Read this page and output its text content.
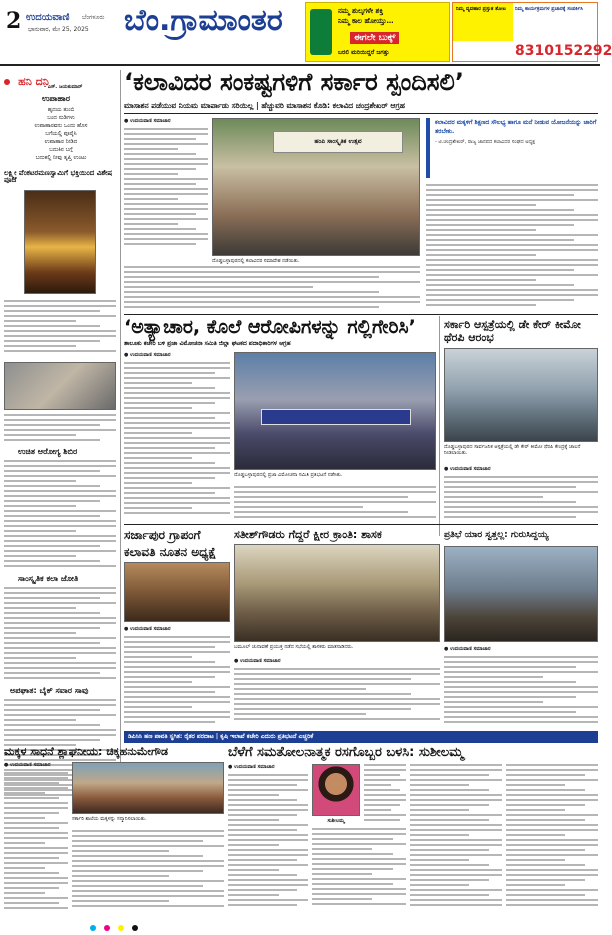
2 ಉದಯವಾಣಿ ಬೆಂಗಳೂರು
ಭಾನುವಾರ, ಮೇ 25, 2025 ಬೆಂ.ಗ್ರಾಮಾಂತರ	ನಮ್ಮ ಶುಲ್ಕಗಳೇ ಶಕ್ತಿ
ನಿಮ್ಮ ಕಾಲ ಹೋಯ್ತು…
ಈಗಲೇ ಬುಕ್ಕ್
ಬರಲಿ ಮರಿಯಿದ್ದರೆ ಜಗತ್ತು
ನಿಮ್ಮ ವ್ಯವಹಾರ ಪ್ರಸ್ತುತ ತೋಟ	ನಿಮ್ಮ ಕಾರ್ಯಕ್ರಮಗಳ ಪ್ರಚಾರಕ್ಕೆ ಸಂಪರ್ಕಿಸಿ
8310152292
ಹನಿ ದನಿ
- ಎಸ್. ಜಯಕುಮಾರ್
ಉಪಾಹಾರ
ಹೃದಯ ತುಂಬಿ
ಬಂದ ನುಡಿಗಳು
ಉಪಾಹಾರವನು ಒಂದು ಹೊಸ
ಬಗೆಯಲ್ಲಿ ಪೂರೈಸಿ
ಉಪಾಹಾರ ನೀಡಿದ
ಬದುಕಿನ ಬಗ್ಗೆ
ಬದುಕಲ್ಲಿ ನೀವು ತೃಪ್ತಿ ಉಂಟು
ಲಕ್ಷ್ಮೀ ವೆಂಕಟರಮಣಸ್ವಾಮಿಗೆ ಭಕ್ತಿಯಿಂದ ವಿಶೇಷ ಪೂಜೆ
ಉಚಿತ ಆರೋಗ್ಯ ಶಿಬಿರ
ಸಾಂಸ್ಕೃತಿಕ ಕಲಾ ಜೋತಿ
ಅಪಘಾತ: ಬೈಕ್ ಸವಾರ ಸಾವು
‘ಕಲಾವಿದರ ಸಂಕಷ್ಟಗಳಿಗೆ ಸರ್ಕಾರ ಸ್ಪಂದಿಸಲಿ’
ಮಾಸಾಶನ ಪಡೆಯುವ ನಿಯಮ ಮಾರ್ಪಾಡು ಸರಿಯಿಲ್ಲ | ಹೆಚ್ಚುವರಿ ಮಾಸಾಶನ ಕೊಡಿ: ಕಲಾವಿದ ಚಂದ್ರಶೇಖರ್ ಆಗ್ರಹ
● ಉದಯವಾಣಿ ಸಮಾಚಾರ
ಹಂಪಿ ಸಾಂಸ್ಕೃತಿಕ ಉತ್ಸವ
ದೊಡ್ಡಬಳ್ಳಾಪುರದಲ್ಲಿ ಕಲಾವಿದರ ಸಮಾವೇಶ ನಡೆಯಿತು.
ಕಲಾವಿದರ ಮಕ್ಕಳಿಗೆ ಶಿಕ್ಷಣದ ಸೌಲಭ್ಯ ಹಾಗೂ ಮನೆ ನೀಡುವ ಯೋಜನೆಯನ್ನು ಜಾರಿಗೆ ತರಬೇಕು.
- ಟಿ.ಚಂದ್ರಶೇಖರ್, ರಾಜ್ಯ ಜಾನಪದ ಕಲಾವಿದರ ಸಂಘದ ಅಧ್ಯಕ್ಷ
‘ಅತ್ಯಾಚಾರ, ಕೊಲೆ ಆರೋಪಿಗಳನ್ನು ಗಲ್ಲಿಗೇರಿಸಿ’
ತಾಲೂಕು ಕಚೇರಿ ಬಳಿ ಪ್ರಜಾ ವಿಮೋಚನಾ ಸಮಿತಿ ಜಿಲ್ಲಾ ಘಟಕದ ಪದಾಧಿಕಾರಿಗಳ ಆಗ್ರಹ
● ಉದಯವಾಣಿ ಸಮಾಚಾರ
ದೊಡ್ಡಬಳ್ಳಾಪುರದಲ್ಲಿ ಪ್ರಜಾ ವಿಮೋಚನಾ ಸಮಿತಿ ಪ್ರತಿಭಟನೆ ನಡೆಸಿತು.
ಸರ್ಕಾರಿ ಆಸ್ಪತ್ರೆಯಲ್ಲಿ ಡೇ ಕೇರ್ ಕೀಮೋ ಥೆರಪಿ ಆರಂಭ
ದೊಡ್ಡಬಳ್ಳಾಪುರದ ಸಾರ್ವಜನಿಕ ಆಸ್ಪತ್ರೆಯಲ್ಲಿ ಡೇ ಕೇರ್ ಕೀಮೋ ಥೆರಪಿ ಕೇಂದ್ರಕ್ಕೆ ಚಾಲನೆ ನೀಡಲಾಯಿತು.
● ಉದಯವಾಣಿ ಸಮಾಚಾರ
ಸರ್ಜಾಪುರ ಗ್ರಾಪಂಗೆ
ಕಲಾವತಿ ನೂತನ ಅಧ್ಯಕ್ಷೆ
● ಉದಯವಾಣಿ ಸಮಾಚಾರ
ಸತೀಶ್‌ಗೌಡರು ಗೆದ್ದರೆ ಕ್ಷೀರ ಕ್ರಾಂತಿ: ಶಾಸಕ
ಬಮೂಲ್ ಚುನಾವಣೆ ಪ್ರಯುಕ್ತ ನಡೆದ ಸಭೆಯಲ್ಲಿ ಶಾಸಕರು ಮಾತನಾಡಿದರು.
● ಉದಯವಾಣಿ ಸಮಾಚಾರ
ಪ್ರತಿಭೆ ಯಾರ ಸ್ವತ್ತಲ್ಲ: ಗುರುಸಿದ್ದಯ್ಯ
● ಉದಯವಾಣಿ ಸಮಾಚಾರ
ಡಿಪಿಸಿಸಿ ಹಣ ಪಾವತಿ ಸ್ಥಗಿತ: ರೈತರ ಪರದಾಟ | ಕೃಷಿ ಇಲಾಖೆ ಕಚೇರಿ ಎದುರು ಪ್ರತಿಭಟನೆ ಎಚ್ಚರಿಕೆ
ಮಕ್ಕಳ ಸಾಧನೆ ಶ್ಲಾಘನೀಯ: ಚಿಕ್ಕಹನುಮೇಗೌಡ	ಬೆಳೆಗೆ ಸಮತೋಲನಾತ್ಮಕ ರಸಗೊಬ್ಬರ ಬಳಸಿ: ಸುಶೀಲಮ್ಮ
● ಉದಯವಾಣಿ ಸಮಾಚಾರ
ಸರ್ಕಾರಿ ಶಾಲೆಯ ಮಕ್ಕಳನ್ನು ಸನ್ಮಾನಿಸಲಾಯಿತು.
● ಉದಯವಾಣಿ ಸಮಾಚಾರ
ಸುಶೀಲಮ್ಮ
